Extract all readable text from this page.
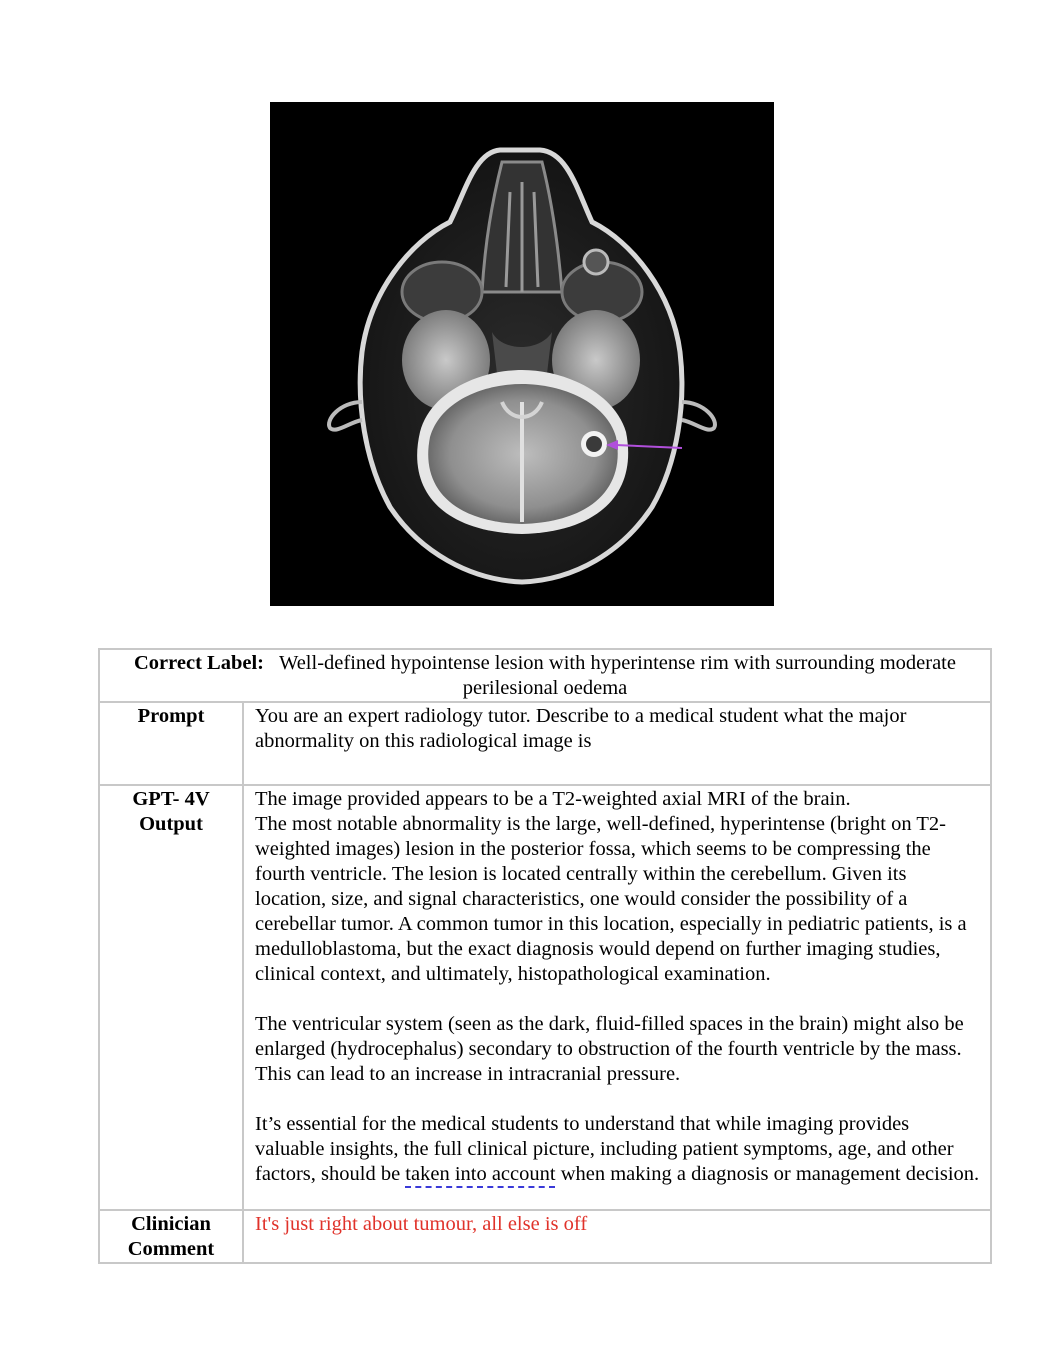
Correct Label: Well-defined hypointense lesion with hyperintense rim with surrounding moderate perilesional oedema	
Prompt	You are an expert radiology tutor. Describe to a medical student what the major abnormality on this radiological image is
GPT- 4V Output	The image provided appears to be a T2-weighted axial MRI of the brain.
The most notable abnormality is the large, well-defined, hyperintense (bright on T2-weighted images) lesion in the posterior fossa, which seems to be compressing the fourth ventricle. The lesion is located centrally within the cerebellum. Given its location, size, and signal characteristics, one would consider the possibility of a cerebellar tumor. A common tumor in this location, especially in pediatric patients, is a medulloblastoma, but the exact diagnosis would depend on further imaging studies, clinical context, and ultimately, histopathological examination.

The ventricular system (seen as the dark, fluid-filled spaces in the brain) might also be enlarged (hydrocephalus) secondary to obstruction of the fourth ventricle by the mass. This can lead to an increase in intracranial pressure.

It’s essential for the medical students to understand that while imaging provides valuable insights, the full clinical picture, including patient symptoms, age, and other factors, should be taken into account when making a diagnosis or management decision.

Clinician Comment	It's just right about tumour, all else is off
